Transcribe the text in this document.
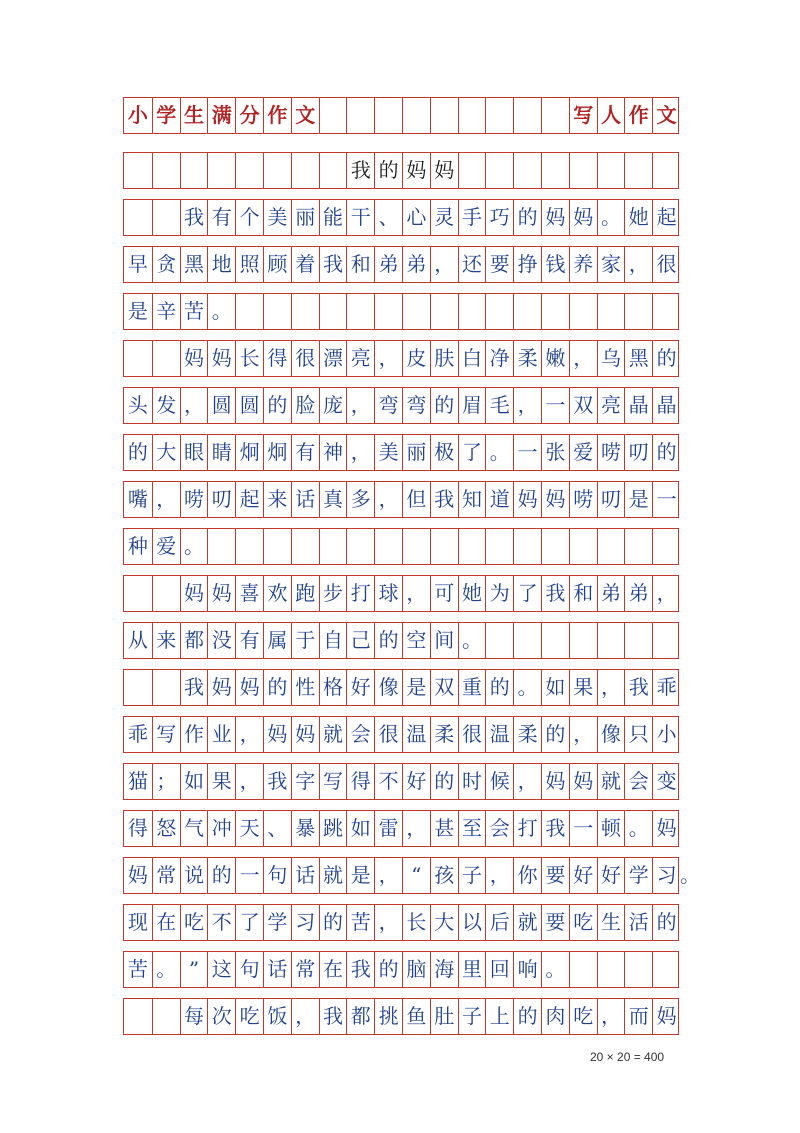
小 学 生 满 分 作 文	写 人 作 文
我 的 妈 妈
我 有 个 美 丽 能 干 、 心 灵 手 巧 的 妈 妈 。 她 起
早 贪 黑 地 照 顾 着 我 和 弟 弟 ， 还 要 挣 钱 养 家 ， 很
是 辛 苦 。
妈 妈 长 得 很 漂 亮 ， 皮 肤 白 净 柔 嫩 ， 乌 黑 的
头 发 ， 圆 圆 的 脸 庞 ， 弯 弯 的 眉 毛 ， 一 双 亮 晶 晶
的 大 眼 睛 炯 炯 有 神 ， 美 丽 极 了 。 一 张 爱 唠 叨 的
嘴 ， 唠 叨 起 来 话 真 多 ， 但 我 知 道 妈 妈 唠 叨 是 一
种 爱 。
妈 妈 喜 欢 跑 步 打 球 ， 可 她 为 了 我 和 弟 弟 ，
从 来 都 没 有 属 于 自 己 的 空 间 。
我 妈 妈 的 性 格 好 像 是 双 重 的 。 如 果 ， 我 乖
乖 写 作 业 ， 妈 妈 就 会 很 温 柔 很 温 柔 的 ， 像 只 小
猫 ； 如 果 ， 我 字 写 得 不 好 的 时 候 ， 妈 妈 就 会 变
得 怒 气 冲 天 、 暴 跳 如 雷 ， 甚 至 会 打 我 一 顿 。 妈
妈 常 说 的 一 句 话 就 是 ， “ 孩 子 ， 你 要 好 好 学 习 。
现 在 吃 不 了 学 习 的 苦 ， 长 大 以 后 就 要 吃 生 活 的
苦 。 ” 这 句 话 常 在 我 的 脑 海 里 回 响 。
每 次 吃 饭 ， 我 都 挑 鱼 肚 子 上 的 肉 吃 ， 而 妈
20 × 20 = 400
